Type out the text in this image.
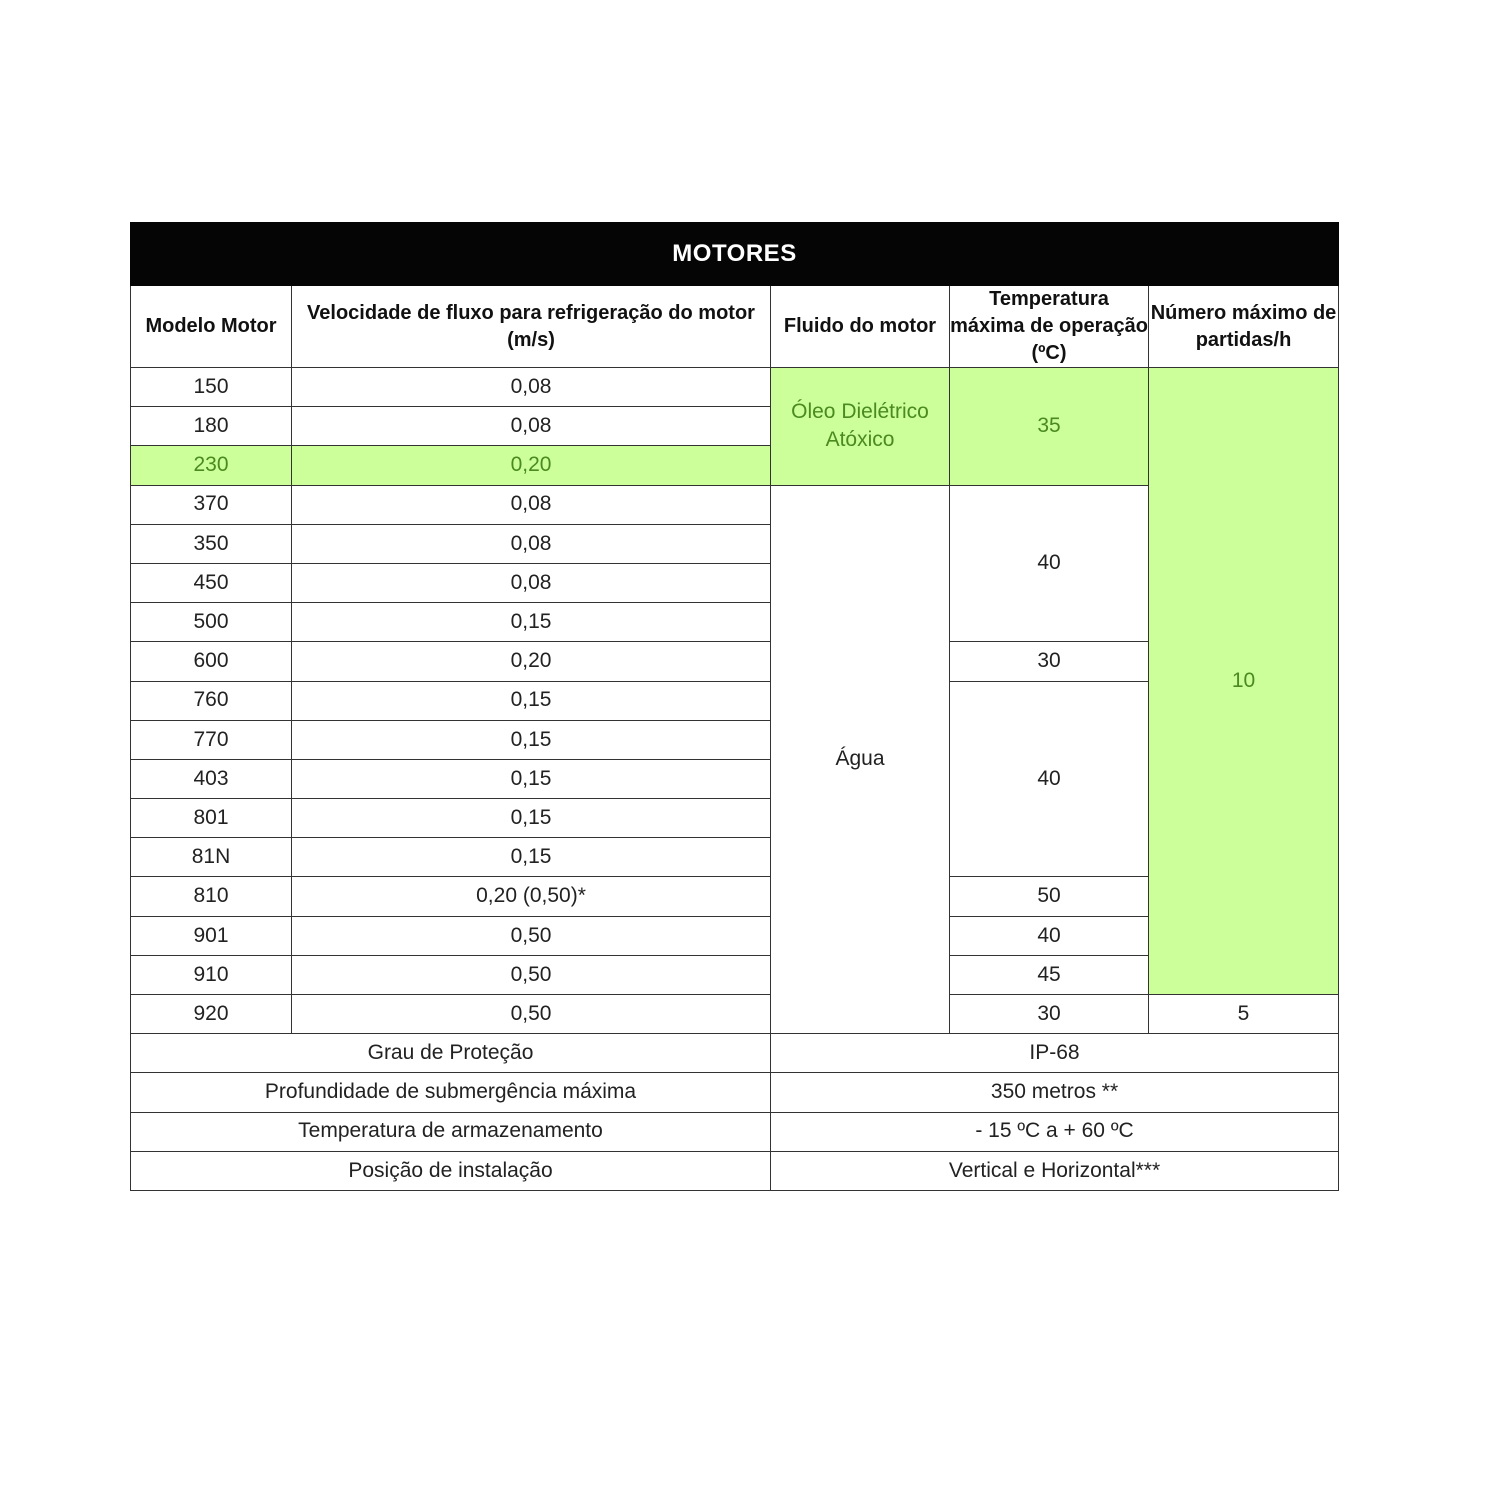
MOTORES				
Modelo Motor	Velocidade de fluxo para refrigeração do motor (m/s)	Fluido do motor	Temperatura máxima de operação (ºC)	Número máximo de partidas/h
150	0,08	Óleo Dielétrico Atóxico	35	10
180	0,08			
230	0,20			
370	0,08	Água	40	
350	0,08			
450	0,08			
500	0,15			
600	0,20		30	
760	0,15		40	
770	0,15			
403	0,15			
801	0,15			
81N	0,15			
810	0,20 (0,50)*		50	
901	0,50		40	
910	0,50		45	
920	0,50		30	5
Grau de Proteção		IP-68		
Profundidade de submergência máxima		350 metros **		
Temperatura de armazenamento		- 15 ºC a + 60 ºC		
Posição de instalação		Vertical e Horizontal***		
